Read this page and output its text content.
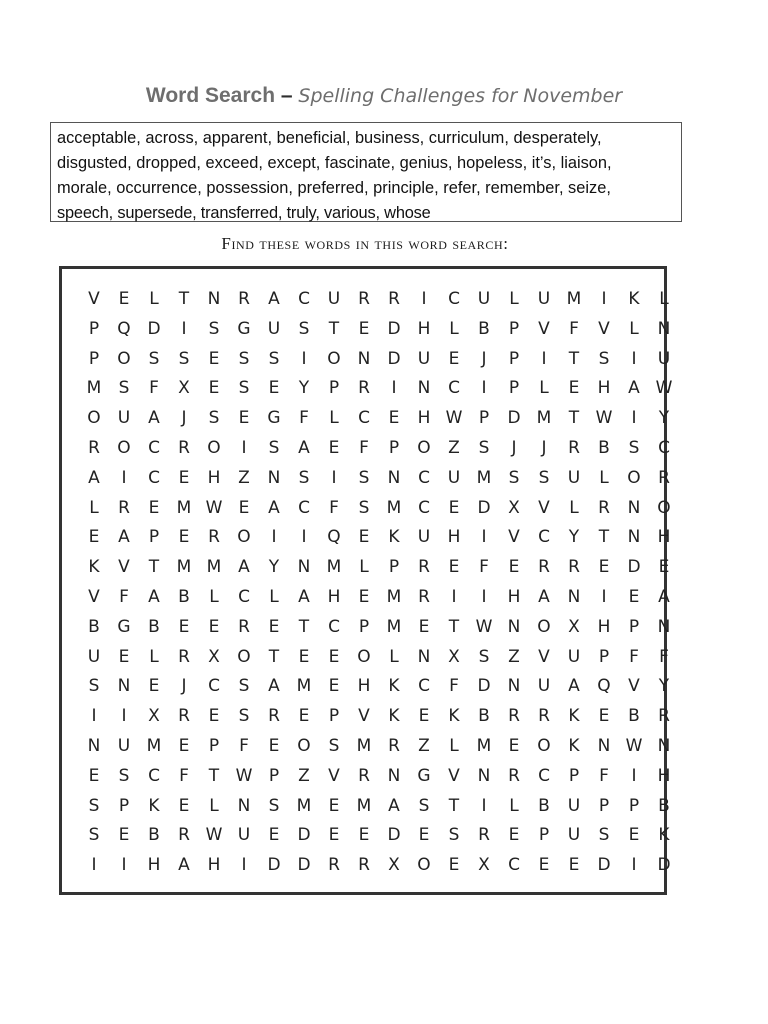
Word Search – Spelling Challenges for November
acceptable, across, apparent, beneficial, business, curriculum, desperately,
disgusted, dropped, exceed, except, fascinate, genius, hopeless, it’s, liaison,
morale, occurrence, possession, preferred, principle, refer, remember, seize,
speech, supersede, transferred, truly, various, whose
Find these words in this word search:
V	E	L	T	N	R	A	C	U	R	R	I	C	U	L	U M	I	K	L
P	Q D	I	S	G	U	S	T	E	D	H	L	B	P	V	F	V	L	N
P	O	S	S	E	S	S	I	O N	D	U	E	J	P	I	T	S	I	U
M	S	F	X	E	S	E	Y	P	R	I	N	C	I	P	L	E	H	A W
O	U	A	J	S	E	G	F	L	C	E	H W P	D M	T W	I	Y
R	O	C	R	O	I	S	A	E	F	P	O	Z	S	J	J	R	B	S	C
A	I	C	E	H	Z	N	S	I	S	N	C	U M	S	S	U	L	O	R
L	R	E	M W E	A	C	F	S	M C	E	D	X	V	L	R	N O
E	A	P	E	R	O	I	I	Q	E	K	U	H	I	V	C	Y	T	N	H
K	V	T	M M A	Y	N M	L	P	R	E	F	E	R	R	E	D	E
V	F	A	B	L	C	L	A	H	E	M R	I	I	H	A	N	I	E	A
B	G	B	E	E	R	E	T	C	P	M	E	T W N O	X	H	P	N
U	E	L	R	X	O	T	E	E	O	L	N	X	S	Z	V	U	P	F	F
S	N	E	J	C	S	A M	E	H	K	C	F	D	N	U	A	Q	V	Y
I	I	X	R	E	S	R	E	P	V	K	E	K	B	R	R	K	E	B	R
N	U M	E	P	F	E	O	S	M R	Z	L	M	E	O	K	N W N
E	S	C	F	T W P	Z	V	R	N	G	V	N	R	C	P	F	I	H
S	P	K	E	L	N	S	M	E	M A	S	T	I	L	B	U	P	P	B
S	E	B	R W U	E	D	E	E	D	E	S	R	E	P	U	S	E	K
I	I	H	A	H	I	D D	R	R	X	O	E	X	C	E	E	D	I	D
